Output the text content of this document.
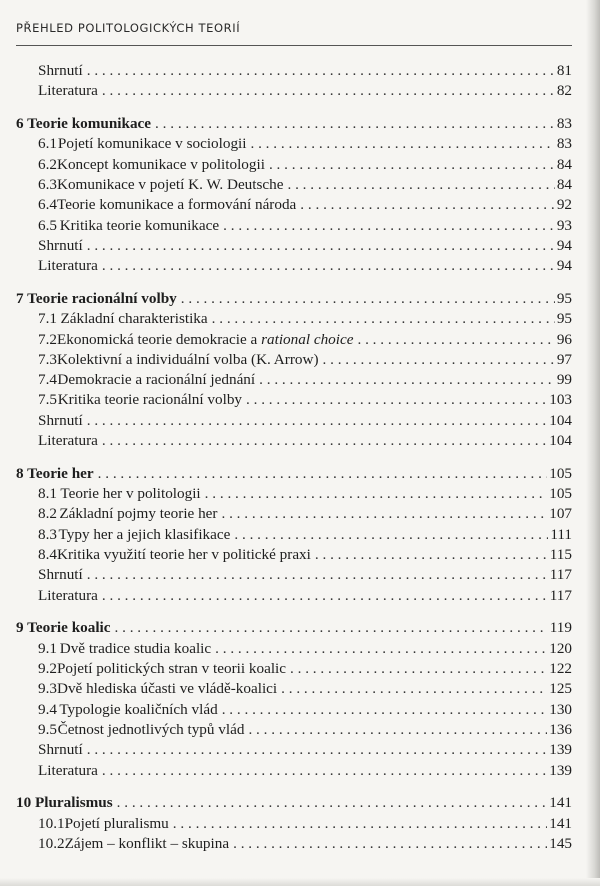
PŘEHLED POLITOLOGICKÝCH TEORIÍ
Shrnutí . . .	81
Literatura . . .	82
6 Teorie komunikace . . .	83
6.1 Pojetí komunikace v sociologii . . .	83
6.2 Koncept komunikace v politologii . . .	84
6.3 Komunikace v pojetí K. W. Deutsche . . .	84
6.4 Teorie komunikace a formování národa . . .	92
6.5 Kritika teorie komunikace . . .	93
Shrnutí . . .	94
Literatura . . .	94
7 Teorie racionální volby . . .	95
7.1 Základní charakteristika . . .	95
7.2 Ekonomická teorie demokracie a rational choice . . .	96
7.3 Kolektivní a individuální volba (K. Arrow) . . .	97
7.4 Demokracie a racionální jednání . . .	99
7.5 Kritika teorie racionální volby . . .	103
Shrnutí . . .	104
Literatura . . .	104
8 Teorie her . . .	105
8.1 Teorie her v politologii . . .	105
8.2 Základní pojmy teorie her . . .	107
8.3 Typy her a jejich klasifikace . . .	111
8.4 Kritika využití teorie her v politické praxi . . .	115
Shrnutí . . .	117
Literatura . . .	117
9 Teorie koalic . . .	119
9.1 Dvě tradice studia koalic . . .	120
9.2 Pojetí politických stran v teorii koalic . . .	122
9.3 Dvě hlediska účasti ve vládě-koalici . . .	125
9.4 Typologie koaličních vlád . . .	130
9.5 Četnost jednotlivých typů vlád . . .	136
Shrnutí . . .	139
Literatura . . .	139
10 Pluralismus . . .	141
10.1 Pojetí pluralismu . . .	141
10.2 Zájem – konflikt – skupina . . .	145
